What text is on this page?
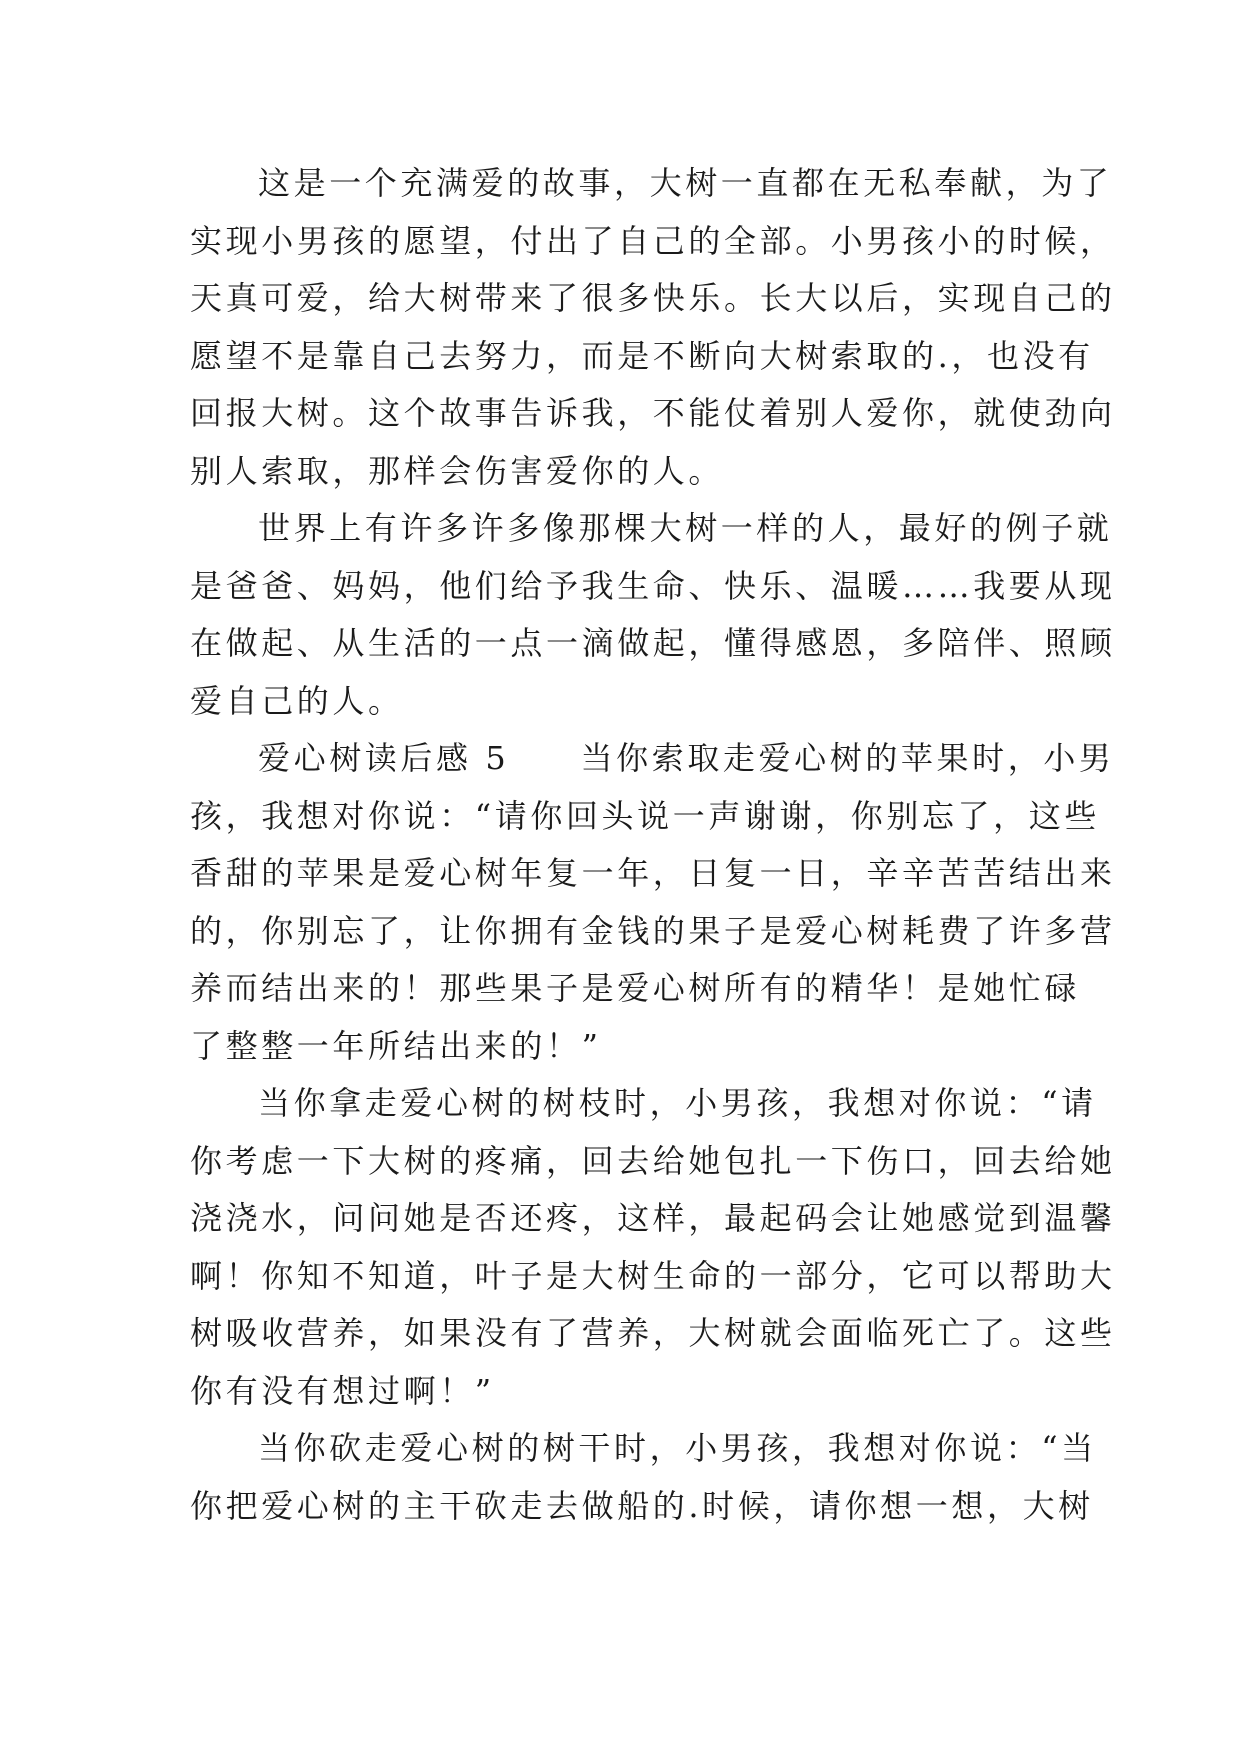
这是一个充满爱的故事，大树一直都在无私奉献，为了
实现小男孩的愿望，付出了自己的全部。小男孩小的时候，
天真可爱，给大树带来了很多快乐。长大以后，实现自己的
愿望不是靠自己去努力，而是不断向大树索取的.，也没有
回报大树。这个故事告诉我，不能仗着别人爱你，就使劲向
别人索取，那样会伤害爱你的人。
世界上有许多许多像那棵大树一样的人，最好的例子就
是爸爸、妈妈，他们给予我生命、快乐、温暖……我要从现
在做起、从生活的一点一滴做起，懂得感恩，多陪伴、照顾
爱自己的人。
爱心树读后感 5　　当你索取走爱心树的苹果时，小男
孩，我想对你说：“请你回头说一声谢谢，你别忘了，这些
香甜的苹果是爱心树年复一年，日复一日，辛辛苦苦结出来
的，你别忘了，让你拥有金钱的果子是爱心树耗费了许多营
养而结出来的！那些果子是爱心树所有的精华！是她忙碌
了整整一年所结出来的！”
当你拿走爱心树的树枝时，小男孩，我想对你说：“请
你考虑一下大树的疼痛，回去给她包扎一下伤口，回去给她
浇浇水，问问她是否还疼，这样，最起码会让她感觉到温馨
啊！你知不知道，叶子是大树生命的一部分，它可以帮助大
树吸收营养，如果没有了营养，大树就会面临死亡了。这些
你有没有想过啊！”
当你砍走爱心树的树干时，小男孩，我想对你说：“当
你把爱心树的主干砍走去做船的.时候，请你想一想，大树
